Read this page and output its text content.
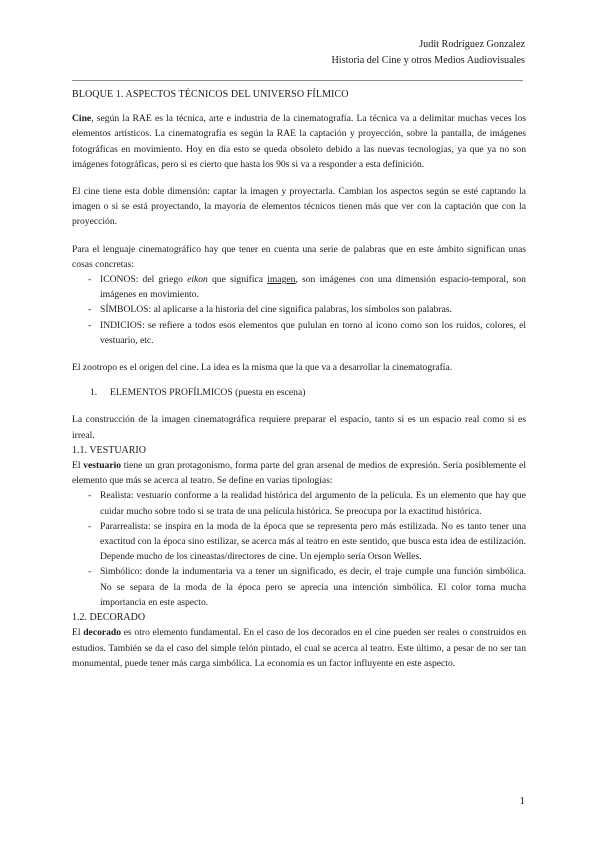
Judit Rodríguez Gonzalez
Historia del Cine y otros Medios Audiovisuales
BLOQUE 1. ASPECTOS TÉCNICOS DEL UNIVERSO FÍLMICO

Cine, según la RAE es la técnica, arte e industria de la cinematografía. La técnica va a delimitar muchas veces los elementos artísticos. La cinematografía es según la RAE la captación y proyección, sobre la pantalla, de imágenes fotográficas en movimiento. Hoy en día esto se queda obsoleto debido a las nuevas tecnologías, ya que ya no son imágenes fotográficas, pero si es cierto que hasta los 90s si va a responder a esta definición.

El cine tiene esta doble dimensión: captar la imagen y proyectarla. Cambian los aspectos según se esté captando la imagen o si se está proyectando, la mayoría de elementos técnicos tienen más que ver con la captación que con la proyección.

Para el lenguaje cinematográfico hay que tener en cuenta una serie de palabras que en este ámbito significan unas cosas concretas:

- ICONOS: del griego eikon que significa imagen, son imágenes con una dimensión espacio-temporal, son imágenes en movimiento.
- SÍMBOLOS: al aplicarse a la historia del cine significa palabras, los símbolos son palabras.
- INDICIOS: se refiere a todos esos elementos que pululan en torno al icono como son los ruidos, colores, el vestuario, etc.

El zootropo es el origen del cine. La idea es la misma que la que va a desarrollar la cinematografía.

1. ELEMENTOS PROFÍLMICOS (puesta en escena)

La construcción de la imagen cinematográfica requiere preparar el espacio, tanto si es un espacio real como si es irreal.

1.1. VESTUARIO

El vestuario tiene un gran protagonismo, forma parte del gran arsenal de medios de expresión. Sería posiblemente el elemento que más se acerca al teatro. Se define en varias tipologías:

- Realista: vestuario conforme a la realidad histórica del argumento de la película. Es un elemento que hay que cuidar mucho sobre todo si se trata de una película histórica. Se preocupa por la exactitud histórica.
- Pararrealista: se inspira en la moda de la época que se representa pero más estilizada. No es tanto tener una exactitud con la época sino estilizar, se acerca más al teatro en este sentido, que busca esta idea de estilización. Depende mucho de los cineastas/directores de cine. Un ejemplo sería Orson Welles.
- Simbólico: donde la indumentaria va a tener un significado, es decir, el traje cumple una función simbólica. No se separa de la moda de la época pero se aprecia una intención simbólica. El color toma mucha importancia en este aspecto.
1.2. DECORADO

El decorado es otro elemento fundamental. En el caso de los decorados en el cine pueden ser reales o construidos en estudios. También se da el caso del simple telón pintado, el cual se acerca al teatro. Este último, a pesar de no ser tan monumental, puede tener más carga simbólica. La economía es un factor influyente en este aspecto.

1
